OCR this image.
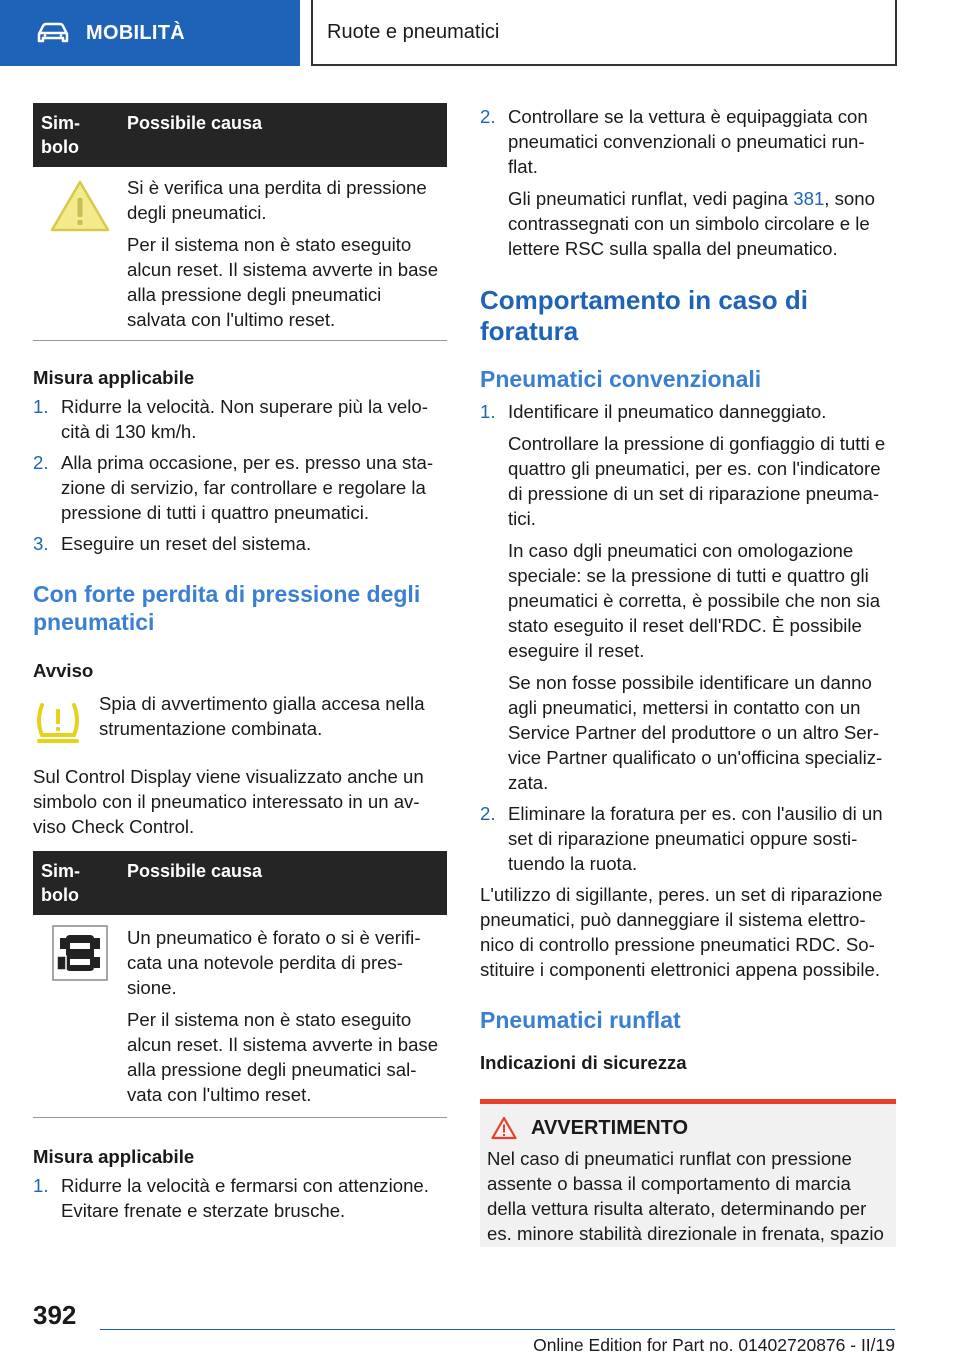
MOBILITÀ	Ruote e pneumatici
Sim-
bolo
Possibile causa

Si è verifica una perdita di pressione degli pneumatici.

Per il sistema non è stato eseguito alcun reset. Il sistema avverte in base alla pressione degli pneumatici salvata con l'ultimo reset.

Misura applicabile

1. Ridurre la velocità. Non superare più la velo-
cità di 130 km/h.

2. Alla prima occasione, per es. presso una sta-
zione di servizio, far controllare e regolare la pressione di tutti i quattro pneumatici.

3. Eseguire un reset del sistema.

Con forte perdita di pressione degli pneumatici

Avviso

Spia di avvertimento gialla accesa nella strumentazione combinata.

Sul Control Display viene visualizzato anche un simbolo con il pneumatico interessato in un av-
viso Check Control.

Sim-
bolo
Possibile causa

Un pneumatico è forato o si è verifi-
cata una notevole perdita di pres-
sione.

Per il sistema non è stato eseguito alcun reset. Il sistema avverte in base alla pressione degli pneumatici sal-
vata con l'ultimo reset.

Misura applicabile

1. Ridurre la velocità e fermarsi con attenzione. Evitare frenate e sterzate brusche.

2. Controllare se la vettura è equipaggiata con pneumatici convenzionali o pneumatici run-
flat.

Gli pneumatici runflat, vedi pagina 381, sono contrassegnati con un simbolo circolare e le lettere RSC sulla spalla del pneumatico.

Comportamento in caso di foratura
Pneumatici convenzionali
1. Identificare il pneumatico danneggiato.

Controllare la pressione di gonfiaggio di tutti e quattro gli pneumatici, per es. con l'indicatore di pressione di un set di riparazione pneuma-
tici.

In caso dgli pneumatici con omologazione speciale: se la pressione di tutti e quattro gli pneumatici è corretta, è possibile che non sia stato eseguito il reset dell'RDC. È possibile eseguire il reset.

Se non fosse possibile identificare un danno agli pneumatici, mettersi in contatto con un Service Partner del produttore o un altro Ser-
vice Partner qualificato o un'officina specializ-
zata.

2. Eliminare la foratura per es. con l'ausilio di un set di riparazione pneumatici oppure sosti-
tuendo la ruota.

L'utilizzo di sigillante, peres. un set di riparazione pneumatici, può danneggiare il sistema elettro-
nico di controllo pressione pneumatici RDC. So-
stituire i componenti elettronici appena possibile.

Pneumatici runflat

Indicazioni di sicurezza

AVVERTIMENTO

Nel caso di pneumatici runflat con pressione assente o bassa il comportamento di marcia della vettura risulta alterato, determinando per es. minore stabilità direzionale in frenata, spazio

392
Online Edition for Part no. 01402720876 - II/19
